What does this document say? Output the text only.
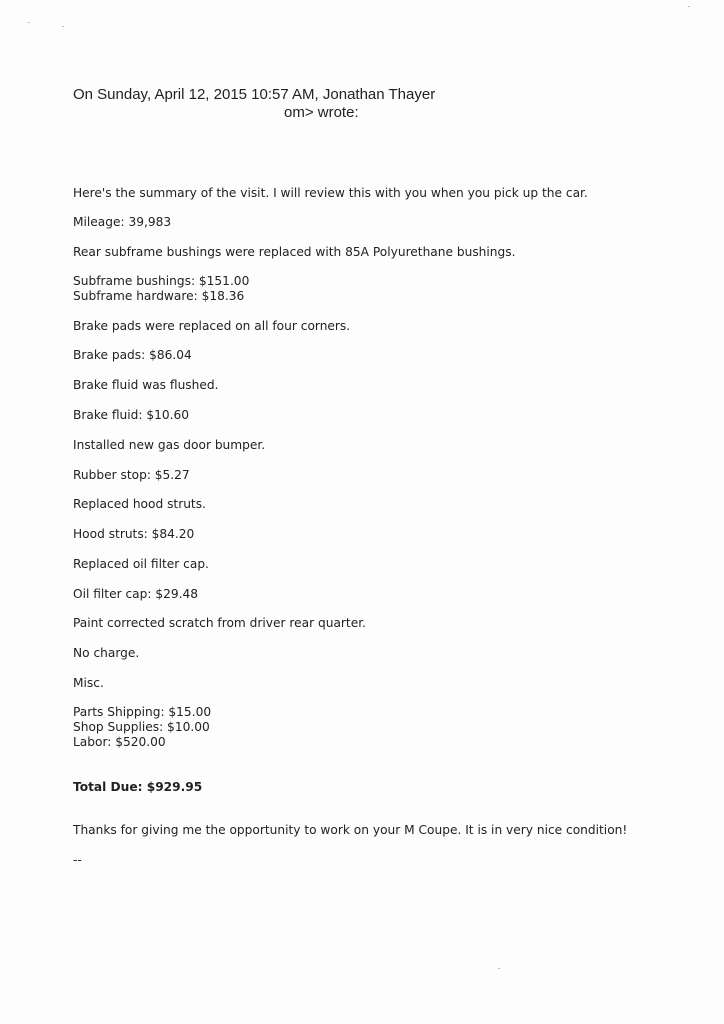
On Sunday, April 12, 2015 10:57 AM, Jonathan Thayer
om> wrote:
Here's the summary of the visit. I will review this with you when you pick up the car.
Mileage: 39,983
Rear subframe bushings were replaced with 85A Polyurethane bushings.
Subframe bushings: $151.00
Subframe hardware: $18.36
Brake pads were replaced on all four corners.
Brake pads: $86.04
Brake fluid was flushed.
Brake fluid: $10.60
Installed new gas door bumper.
Rubber stop: $5.27
Replaced hood struts.
Hood struts: $84.20
Replaced oil filter cap.
Oil filter cap: $29.48
Paint corrected scratch from driver rear quarter.
No charge.
Misc.
Parts Shipping: $15.00
Shop Supplies: $10.00
Labor: $520.00
Total Due: $929.95
Thanks for giving me the opportunity to work on your M Coupe. It is in very nice condition!
--
